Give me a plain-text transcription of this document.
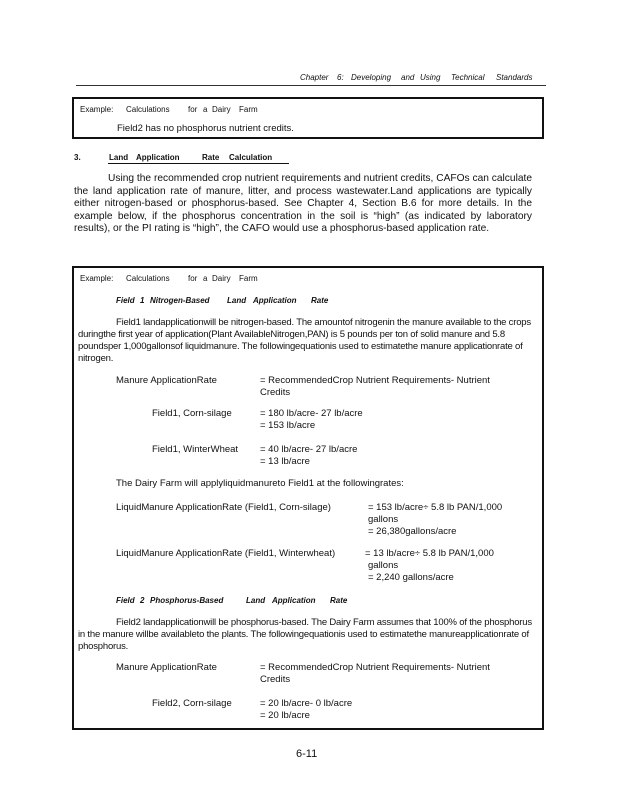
Chapter 6: Developing and Using Technical Standards
Example: Calculations for a Dairy Farm
Field2 has no phosphorus nutrient credits.
3.	Land Application	Rate Calculation

Using the recommended crop nutrient requirements and nutrient credits, CAFOs can calculate the land application rate of manure, litter, and process wastewater.Land applications are typically either nitrogen-based or phosphorus-based. See Chapter 4, Section B.6 for more details. In the example below, if the phosphorus concentration in the soil is “high” (as indicated by laboratory results), or the PI rating is “high”, the CAFO would use a phosphorus-based application rate.

Example: Calculations for a Dairy Farm
Field 1 Nitrogen-Based Land Application Rate

Field1 landapplicationwill be nitrogen-based. The amountof nitrogenin the manure available to the crops duringthe first year of application(Plant AvailableNitrogen,PAN) is 5 pounds per ton of solid manure and 5.8 poundsper 1,000gallonsof liquidmanure. The followingequationis used to estimatethe manure applicationrate of nitrogen.

Manure ApplicationRate	= RecommendedCrop Nutrient Requirements- Nutrient Credits
Field1, Corn-silage	= 180 lb/acre- 27 lb/acre
= 153 lb/acre
Field1, WinterWheat = 40 lb/acre- 27 lb/acre
= 13 lb/acre
The Dairy Farm will applyliquidmanureto Field1 at the followingrates:
LiquidManure ApplicationRate (Field1, Corn-silage)	= 153 lb/acre÷ 5.8 lb PAN/1,000
gallons
= 26,380gallons/acre
LiquidManure ApplicationRate (Field1, Winterwheat)	= 13 lb/acre÷ 5.8 lb PAN/1,000
gallons
= 2,240 gallons/acre
Field 2 Phosphorus-Based	Land Application Rate

Field2 landapplicationwill be phosphorus-based. The Dairy Farm assumes that 100% of the phosphorus in the manure willbe availableto the plants. The followingequationis used to estimatethe manureapplicationrate of phosphorus.

Manure ApplicationRate	= RecommendedCrop Nutrient Requirements- Nutrient Credits
Field2, Corn-silage	= 20 lb/acre- 0 lb/acre
= 20 lb/acre
6-11
